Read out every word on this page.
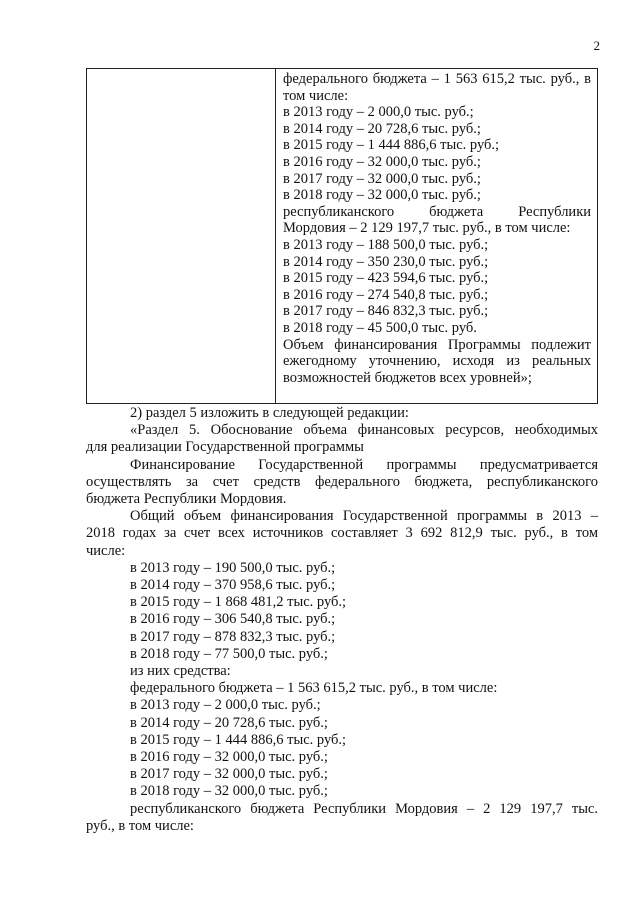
2
федерального бюджета – 1 563 615,2 тыс. руб., в
том числе:
в 2013 году – 2 000,0 тыс. руб.;
в 2014 году – 20 728,6 тыс. руб.;
в 2015 году – 1 444 886,6 тыс. руб.;
в 2016 году – 32 000,0 тыс. руб.;
в 2017 году – 32 000,0 тыс. руб.;
в 2018 году – 32 000,0 тыс. руб.;
республиканского бюджета Республики
Мордовия – 2 129 197,7 тыс. руб., в том числе:
в 2013 году – 188 500,0 тыс. руб.;
в 2014 году – 350 230,0 тыс. руб.;
в 2015 году – 423 594,6 тыс. руб.;
в 2016 году – 274 540,8 тыс. руб.;
в 2017 году – 846 832,3 тыс. руб.;
в 2018 году – 45 500,0 тыс. руб.
Объем финансирования Программы подлежит
ежегодному уточнению, исходя из реальных
возможностей бюджетов всех уровней»;
2) раздел 5 изложить в следующей редакции:
«Раздел 5. Обоснование объема финансовых ресурсов, необходимых
для реализации Государственной программы
Финансирование Государственной программы предусматривается
осуществлять за счет средств федерального бюджета, республиканского
бюджета Республики Мордовия.
Общий объем финансирования Государственной программы в 2013 –
2018 годах за счет всех источников составляет 3 692 812,9 тыс. руб., в том
числе:
в 2013 году – 190 500,0 тыс. руб.;
в 2014 году – 370 958,6 тыс. руб.;
в 2015 году – 1 868 481,2 тыс. руб.;
в 2016 году – 306 540,8 тыс. руб.;
в 2017 году – 878 832,3 тыс. руб.;
в 2018 году – 77 500,0 тыс. руб.;
из них средства:
федерального бюджета – 1 563 615,2 тыс. руб., в том числе:
в 2013 году – 2 000,0 тыс. руб.;
в 2014 году – 20 728,6 тыс. руб.;
в 2015 году – 1 444 886,6 тыс. руб.;
в 2016 году – 32 000,0 тыс. руб.;
в 2017 году – 32 000,0 тыс. руб.;
в 2018 году – 32 000,0 тыс. руб.;
республиканского бюджета Республики Мордовия – 2 129 197,7 тыс.
руб., в том числе:
